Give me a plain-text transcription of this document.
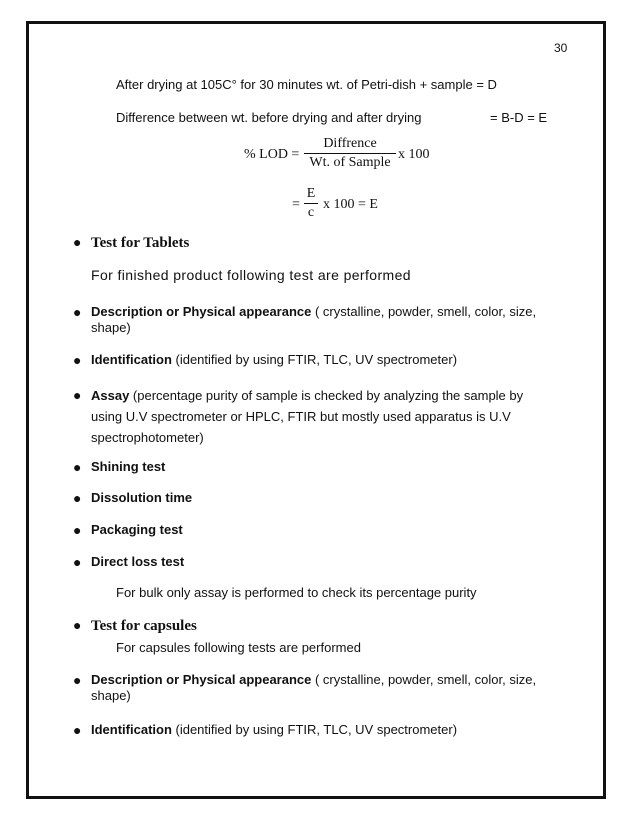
30
After drying at 105C° for 30 minutes wt. of Petri-dish + sample = D
Difference between wt. before drying and after drying	= B-D = E
% LOD =
Diffrence
Wt. of Sample
x 100
= $\frac{E}{c}$ x 100 = E
● Test for Tablets
For finished product following test are performed
● Description or Physical appearance ( crystalline, powder, smell, color, size, shape)
● Identification (identified by using FTIR, TLC, UV spectrometer)
● Assay (percentage purity of sample is checked by analyzing the sample by using U.V spectrometer or HPLC, FTIR but mostly used apparatus is U.V spectrophotometer)
● Shining test
● Dissolution time
● Packaging test
● Direct loss test
For bulk only assay is performed to check its percentage purity
● Test for capsules
For capsules following tests are performed
● Description or Physical appearance ( crystalline, powder, smell, color, size, shape)
● Identification (identified by using FTIR, TLC, UV spectrometer)
